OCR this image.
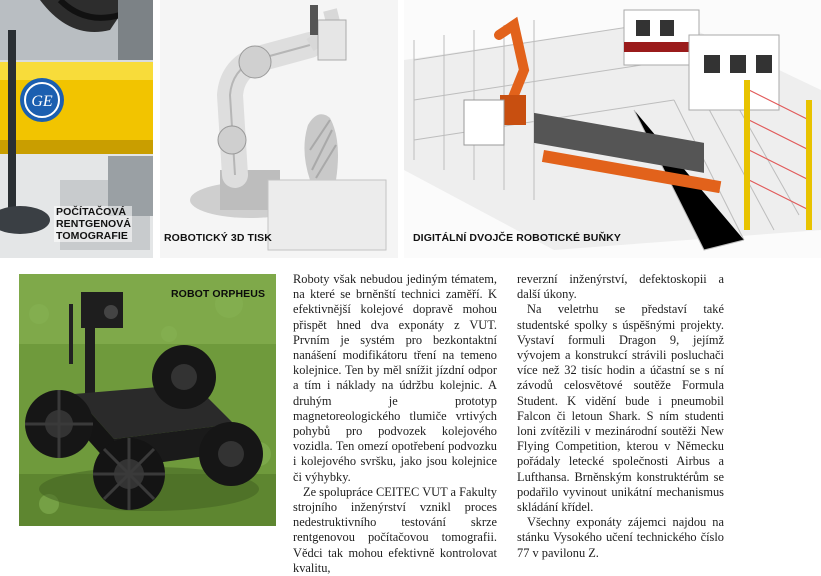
GE
POČÍTAČOVÁ RENTGENOVÁ TOMOGRAFIE	ROBOTICKÝ 3D TISK	DIGITÁLNÍ DVOJČE ROBOTICKÉ BUŇKY
ROBOT ORPHEUS

Roboty však nebudou jediným tématem, na které se brněnští technici zaměří. K efektivnější kolejové dopravě mohou přispět hned dva exponáty z VUT. Prvním je systém pro bezkontaktní nanášení modifikátoru tření na temeno kolejnice. Ten by měl snížit jízdní odpor a tím i náklady na údržbu kolejnic. A druhým je prototyp magnetoreologického tlumiče vrtivých pohybů pro podvozek kolejového vozidla. Ten omezí opotřebení podvozku i kolejového svršku, jako jsou kolejnice či výhybky.

Ze spolupráce CEITEC VUT a Fakulty strojního inženýrství vznikl proces nedestruktivního testování skrze rentgenovou počítačovou tomografii. Vědci tak mohou efektivně kontrolovat kvalitu,

reverzní inženýrství, defektoskopii a další úkony.

Na veletrhu se představí také studentské spolky s úspěšnými projekty. Vystaví formuli Dragon 9, jejímž vývojem a konstrukcí strávili posluchači více než 32 tisíc hodin a účastní se s ní závodů celosvětové soutěže Formula Student. K vidění bude i pneumobil Falcon či letoun Shark. S ním studenti loni zvítězili v mezinárodní soutěži New Flying Competition, kterou v Německu pořádaly letecké společnosti Airbus a Lufthansa. Brněnským konstruktérům se podařilo vyvinout unikátní mechanismus skládání křídel.

Všechny exponáty zájemci najdou na stánku Vysokého učení technického číslo 77 v pavilonu Z.
